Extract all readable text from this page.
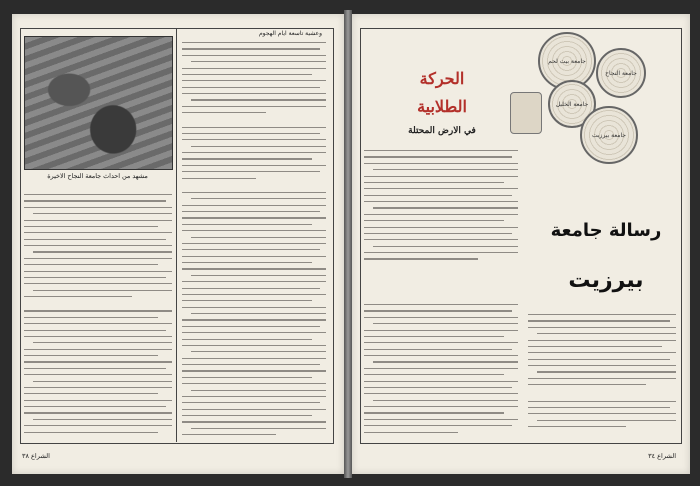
مشهد من احداث جامعة النجاح الاخيرة
وعشية تاسعة ايام الهجوم
الشراع ٣٨
جامعة بيت لحم
جامعة النجاح
جامعة الخليل
جامعة بيرزيت
الحركة
الطلابية
في الارض المحتلة
رسالة جامعة
بيرزيت
الشراع ٣٤
